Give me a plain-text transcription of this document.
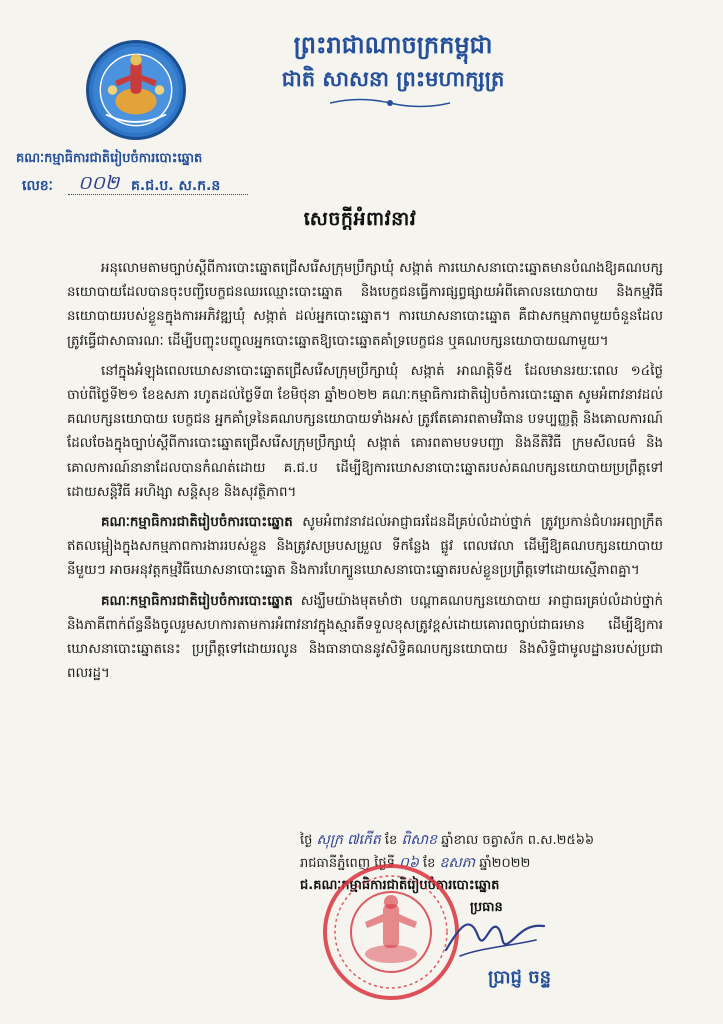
ព្រះរាជាណាចក្រកម្ពុជា
ជាតិ សាសនា ព្រះមហាក្សត្រ
គណៈកម្មាធិការជាតិរៀបចំការបោះឆ្នោត
លេខៈ ០០២ គ.ជ.ប. ស.ក.ន
សេចក្តីអំពាវនាវ

អនុលោមតាមច្បាប់ស្តីពីការបោះឆ្នោតជ្រើសរើសក្រុមប្រឹក្សាឃុំ សង្កាត់ ការឃោសនាបោះឆ្នោតមានបំណងឱ្យគណបក្សនយោបាយដែលបានចុះបញ្ជីបេក្ខជនឈរឈ្មោះបោះឆ្នោត និងបេក្ខជនធ្វើការផ្សព្វផ្សាយអំពីគោលនយោបាយ និងកម្មវិធីនយោបាយរបស់ខ្លួនក្នុងការអភិវឌ្ឍឃុំ សង្កាត់ ដល់អ្នកបោះឆ្នោត។ ការឃោសនាបោះឆ្នោត គឺជាសកម្មភាពមួយចំនួនដែលត្រូវធ្វើជាសាធារណៈ ដើម្បីបញ្ចុះបញ្ចូលអ្នកបោះឆ្នោតឱ្យបោះឆ្នោតគាំទ្របេក្ខជន ឬគណបក្សនយោបាយណាមួយ។

នៅក្នុងអំឡុងពេលឃោសនាបោះឆ្នោតជ្រើសរើសក្រុមប្រឹក្សាឃុំ សង្កាត់ អាណត្តិទី៥ ដែលមានរយៈពេល ១៤ថ្ងៃ ចាប់ពីថ្ងៃទី២១ ខែឧសភា រហូតដល់ថ្ងៃទី៣ ខែមិថុនា ឆ្នាំ២០២២ គណៈកម្មាធិការជាតិរៀបចំការបោះឆ្នោត សូមអំពាវនាវដល់គណបក្សនយោបាយ បេក្ខជន អ្នកគាំទ្រនៃគណបក្សនយោបាយទាំងអស់ ត្រូវតែគោរពតាមវិធាន បទប្បញ្ញត្តិ និងគោលការណ៍ដែលចែងក្នុងច្បាប់ស្តីពីការបោះឆ្នោតជ្រើសរើសក្រុមប្រឹក្សាឃុំ សង្កាត់ គោរពតាមបទបញ្ជា និងនីតិវិធី ក្រមសីលធម៌ និងគោលការណ៍នានាដែលបានកំណត់ដោយ គ.ជ.ប ដើម្បីឱ្យការឃោសនាបោះឆ្នោតរបស់គណបក្សនយោបាយប្រព្រឹត្តទៅដោយសន្តិវិធី អហិង្សា សន្តិសុខ និងសុវត្ថិភាព។

គណៈកម្មាធិការជាតិរៀបចំការបោះឆ្នោត សូមអំពាវនាវដល់អាជ្ញាធរដែនដីគ្រប់លំដាប់ថ្នាក់ ត្រូវប្រកាន់ជំហរអព្យាក្រឹត ឥតលម្អៀងក្នុងសកម្មភាពការងាររបស់ខ្លួន និងត្រូវសម្របសម្រួល ទីកន្លែង ផ្លូវ ពេលវេលា ដើម្បីឱ្យគណបក្សនយោបាយនីមួយៗ អាចអនុវត្តកម្មវិធីឃោសនាបោះឆ្នោត និងការហែក្បួនឃោសនាបោះឆ្នោតរបស់ខ្លួនប្រព្រឹត្តទៅដោយស្មើភាពគ្នា។

គណៈកម្មាធិការជាតិរៀបចំការបោះឆ្នោត សង្ឃឹមយ៉ាងមុតមាំថា បណ្តាគណបក្សនយោបាយ អាជ្ញាធរគ្រប់លំដាប់ថ្នាក់ និងភាគីពាក់ព័ន្ធនឹងចូលរួមសហការតាមការអំពាវនាវក្នុងស្មារតីទទួលខុសត្រូវខ្ពស់ដោយគោរពច្បាប់ជាធរមាន ដើម្បីឱ្យការឃោសនាបោះឆ្នោតនេះ ប្រព្រឹត្តទៅដោយរលូន និងធានាបាននូវសិទ្ធិគណបក្សនយោបាយ និងសិទ្ធិជាមូលដ្ឋានរបស់ប្រជាពលរដ្ឋ។

ថ្ងៃ សុក្រ ៧កើត ខែ ពិសាខ ឆ្នាំខាល ចត្វាស័ក ព.ស.២៥៦៦
រាជធានីភ្នំពេញ ថ្ងៃទី ០៦ ខែ ឧសភា ឆ្នាំ២០២២
ជ.គណៈកម្មាធិការជាតិរៀបចំការបោះឆ្នោត
ប្រធាន
ប្រាជ្ញ ចន្ទ
